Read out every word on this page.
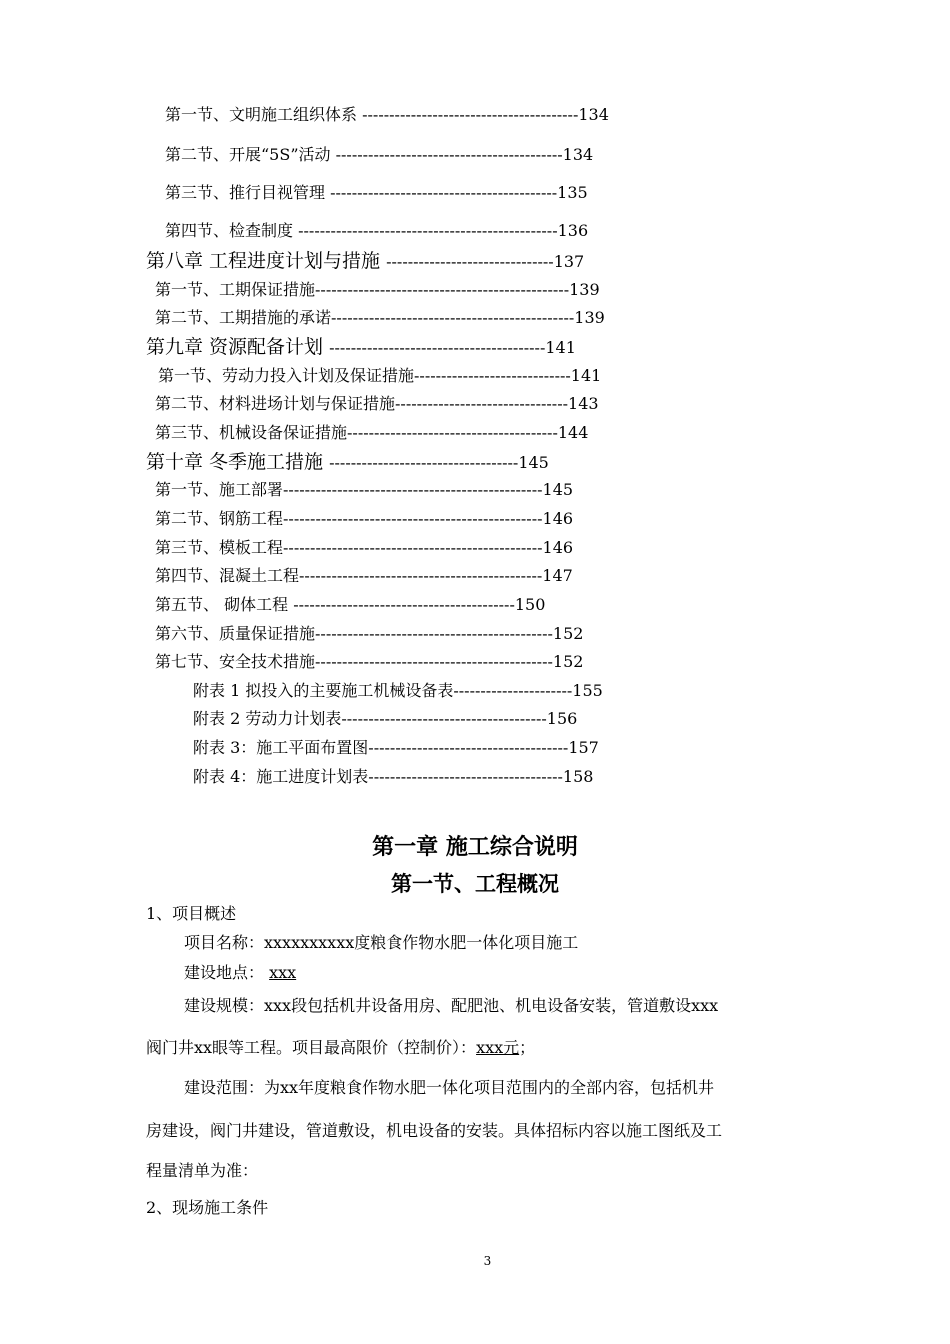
第一节、文明施工组织体系 ----------------------------------------134
第二节、开展“5S”活动 ------------------------------------------134
第三节、推行目视管理 ------------------------------------------135
第四节、检查制度 ------------------------------------------------136
第八章 工程进度计划与措施 -------------------------------137
第一节、工期保证措施-----------------------------------------------139
第二节、工期措施的承诺---------------------------------------------139
第九章 资源配备计划 ----------------------------------------141
第一节、劳动力投入计划及保证措施-----------------------------141
第二节、材料进场计划与保证措施--------------------------------143
第三节、机械设备保证措施---------------------------------------144
第十章 冬季施工措施 -----------------------------------145
第一节、施工部署------------------------------------------------145
第二节、钢筋工程------------------------------------------------146
第三节、模板工程------------------------------------------------146
第四节、混凝土工程---------------------------------------------147
第五节、 砌体工程 -----------------------------------------150
第六节、质量保证措施--------------------------------------------152
第七节、安全技术措施--------------------------------------------152
附表 1 拟投入的主要施工机械设备表----------------------155
附表 2 劳动力计划表--------------------------------------156
附表 3：施工平面布置图-------------------------------------157
附表 4：施工进度计划表------------------------------------158
第一章 施工综合说明
第一节、工程概况
1、项目概述
项目名称：xxxxxxxxxx度粮食作物水肥一体化项目施工
建设地点： xxx
建设规模：xxx段包括机井设备用房、配肥池、机电设备安装，管道敷设xxx
阀门井xx眼等工程。项目最高限价（控制价）：xxx元；
建设范围：为xx年度粮食作物水肥一体化项目范围内的全部内容，包括机井
房建设，阀门井建设，管道敷设，机电设备的安装。具体招标内容以施工图纸及工
程量清单为准：
2、现场施工条件
3
